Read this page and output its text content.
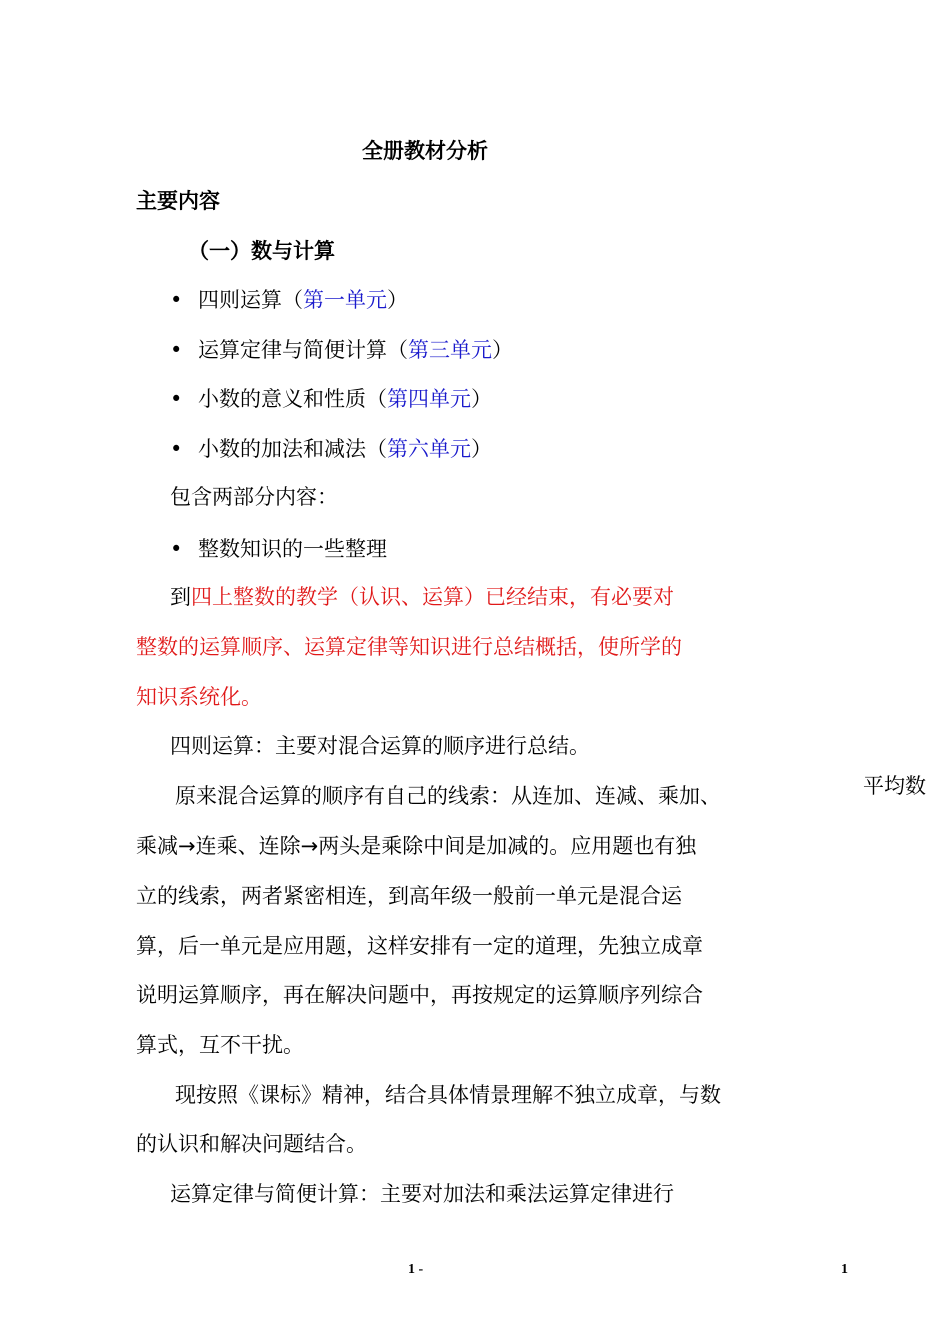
全册教材分析
主要内容
（一）数与计算
• 四则运算（第一单元）
• 运算定律与简便计算（第三单元）
• 小数的意义和性质（第四单元）
• 小数的加法和减法（第六单元）
包含两部分内容：
• 整数知识的一些整理
到四上整数的教学（认识、运算）已经结束，有必要对
整数的运算顺序、运算定律等知识进行总结概括，使所学的
知识系统化。
四则运算：主要对混合运算的顺序进行总结。
原来混合运算的顺序有自己的线索：从连加、连减、乘加、
乘减→连乘、连除→两头是乘除中间是加减的。应用题也有独
立的线索，两者紧密相连，到高年级一般前一单元是混合运
算，后一单元是应用题，这样安排有一定的道理，先独立成章
说明运算顺序，再在解决问题中，再按规定的运算顺序列综合
算式，互不干扰。
现按照《课标》精神，结合具体情景理解不独立成章，与数
的认识和解决问题结合。
运算定律与简便计算：主要对加法和乘法运算定律进行
平均数
1 -	1
